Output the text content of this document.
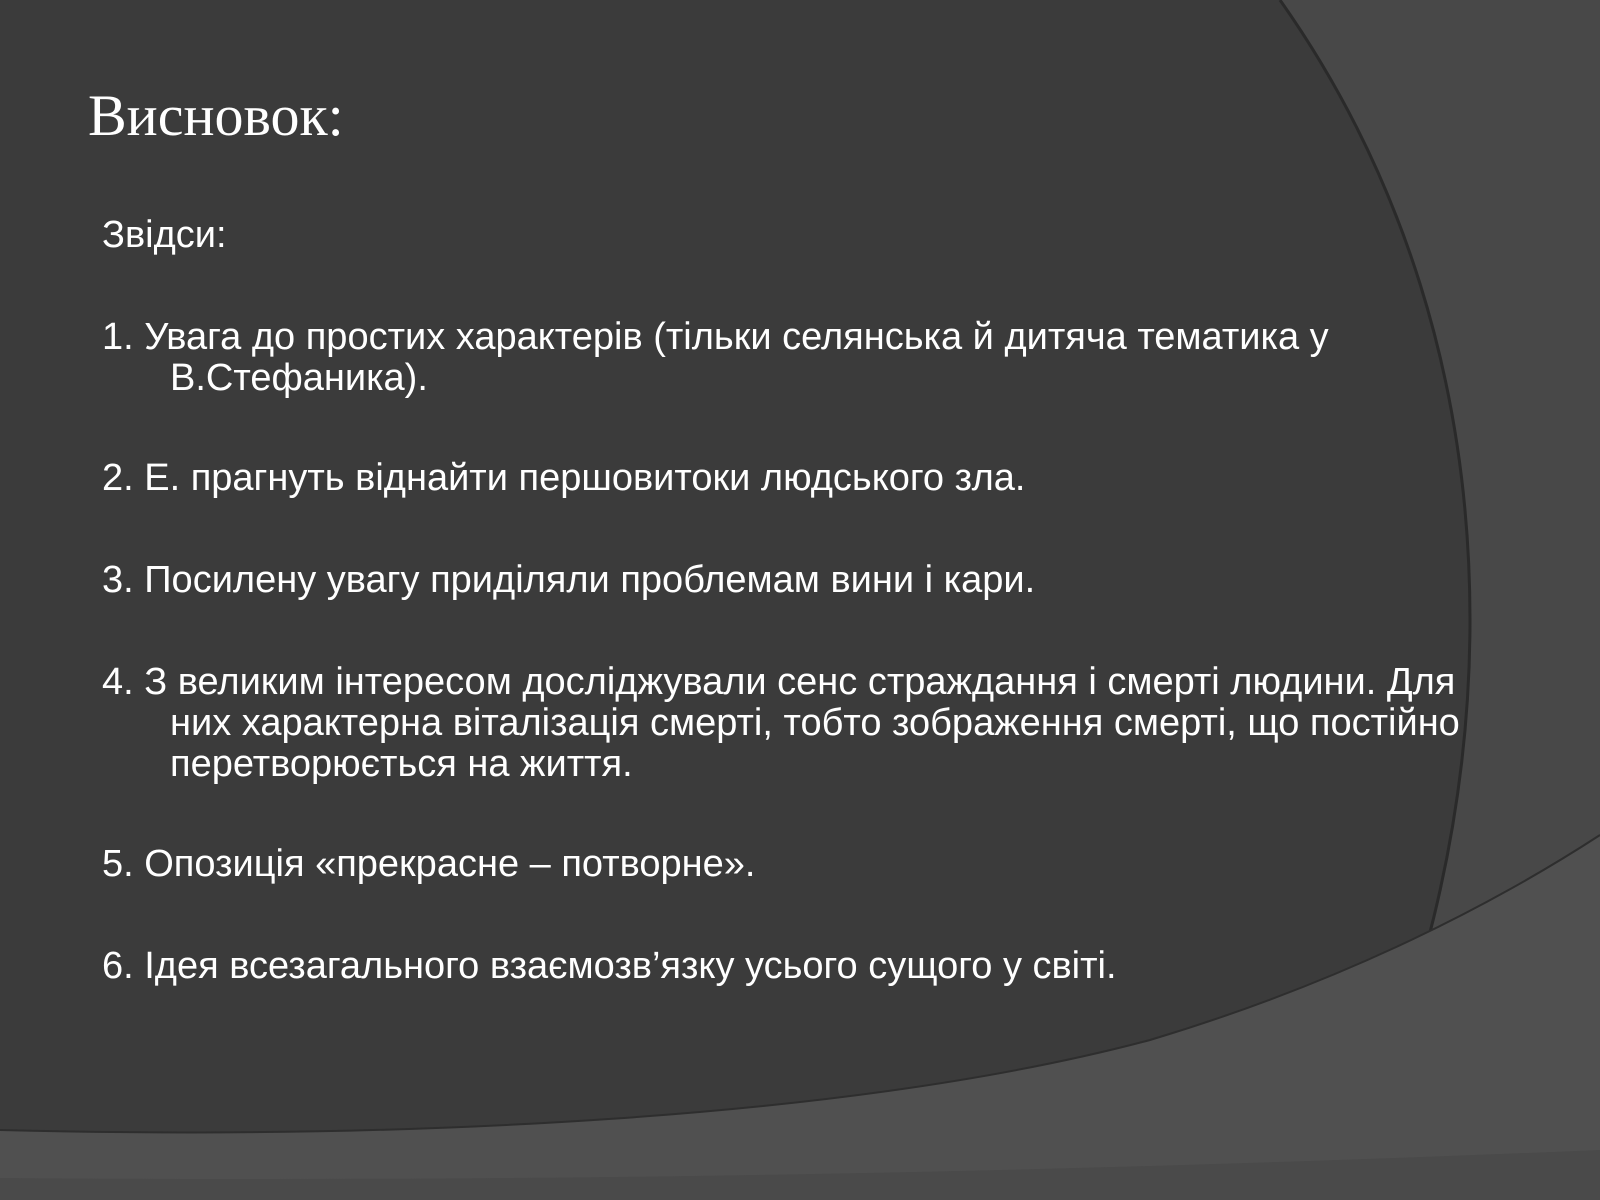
Висновок:

Звідси:

1. Увага до простих характерів (тільки селянська й дитяча тематика у В.Стефаника).

2. Е. прагнуть віднайти першовитоки людського зла.

3. Посилену увагу приділяли проблемам вини і кари.

4. З великим інтересом досліджували сенс страждання і смерті людини. Для них характерна віталізація смерті, тобто зображення смерті, що постійно перетворюється на життя.

5. Опозиція «прекрасне – потворне».

6. Ідея всезагального взаємозв’язку усього сущого у світі.
